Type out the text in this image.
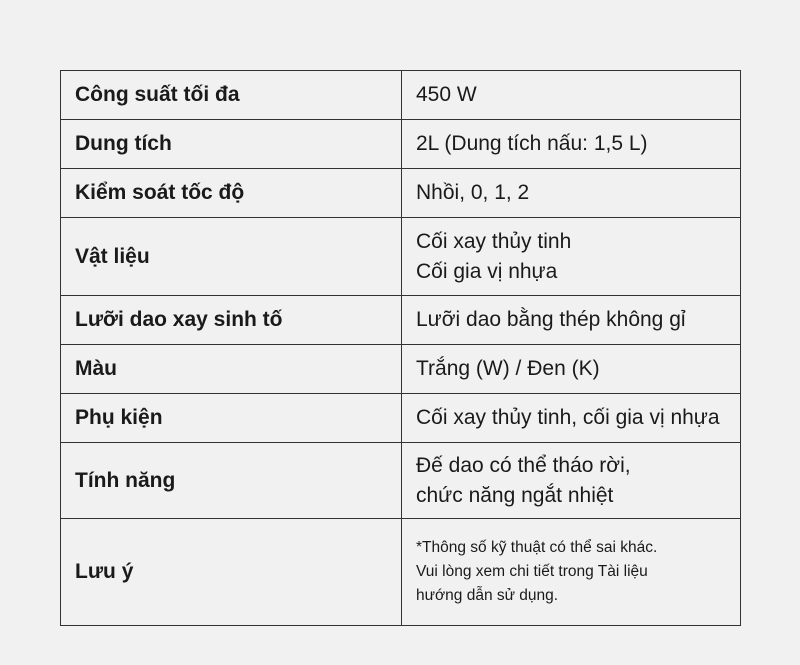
Công suất tối đa	450 W

Dung tích	2L (Dung tích nấu: 1,5 L)

Kiểm soát tốc độ	Nhồi, 0, 1, 2

Vật liệu	Cối xay thủy tinh
Cối gia vị nhựa

Lưỡi dao xay sinh tố	Lưỡi dao bằng thép không gỉ

Màu	Trắng (W) / Đen (K)

Phụ kiện	Cối xay thủy tinh, cối gia vị nhựa

Tính năng	Đế dao có thể tháo rời,
chức năng ngắt nhiệt

Lưu ý	*Thông số kỹ thuật có thể sai khác.
Vui lòng xem chi tiết trong Tài liệu
hướng dẫn sử dụng.
